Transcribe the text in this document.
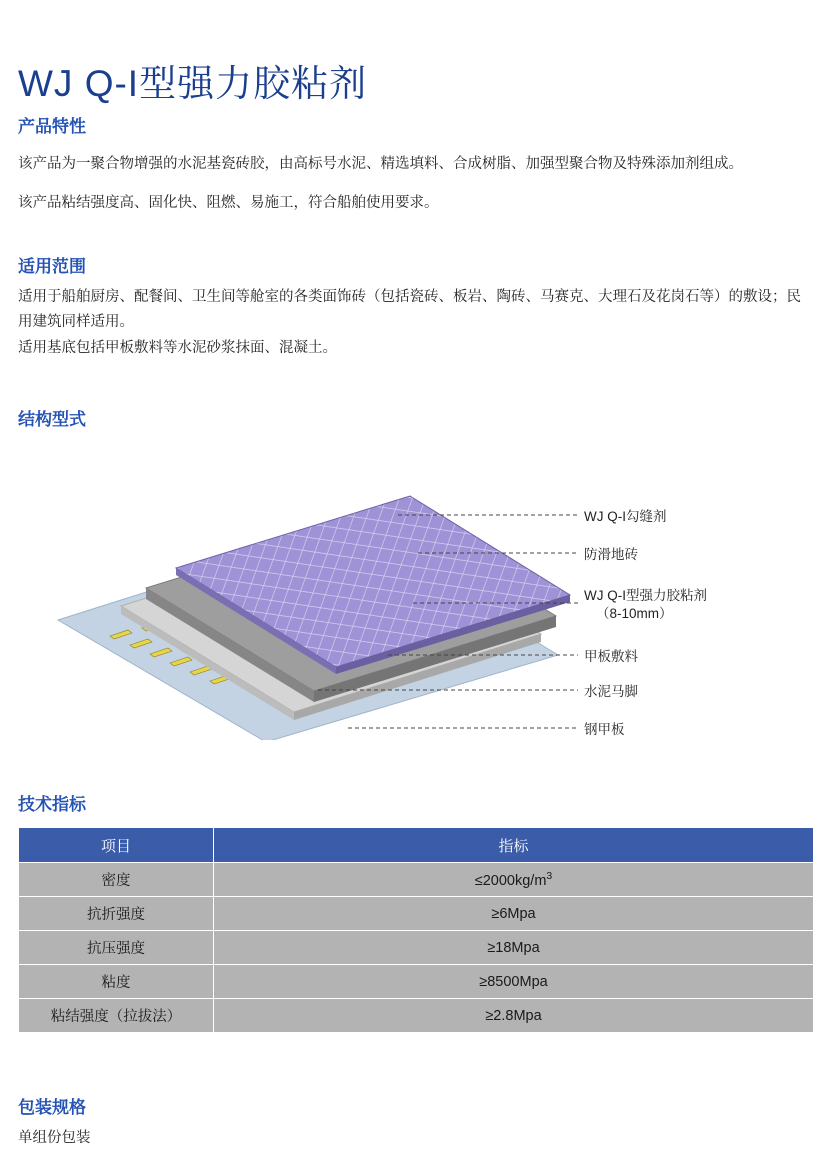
WJ Q-I型强力胶粘剂
产品特性

该产品为一聚合物增强的水泥基瓷砖胶，由高标号水泥、精选填料、合成树脂、加强型聚合物及特殊添加剂组成。

该产品粘结强度高、固化快、阻燃、易施工，符合船舶使用要求。

适用范围

适用于船舶厨房、配餐间、卫生间等舱室的各类面饰砖（包括瓷砖、板岩、陶砖、马赛克、大理石及花岗石等）的敷设；民用建筑同样适用。

适用基底包括甲板敷料等水泥砂浆抹面、混凝土。

结构型式
WJ Q-I勾缝剂
防滑地砖
WJ Q-I型强力胶粘剂
（8-10mm）
甲板敷料
水泥马脚
钢甲板
技术指标
项目	指标
密度	$\le 2000kg/m^3$
抗折强度	≥6Mpa
抗压强度	≥18Mpa
粘度	≥8500Mpa
粘结强度（拉拔法）	≥2.8Mpa
包装规格

单组份包装
